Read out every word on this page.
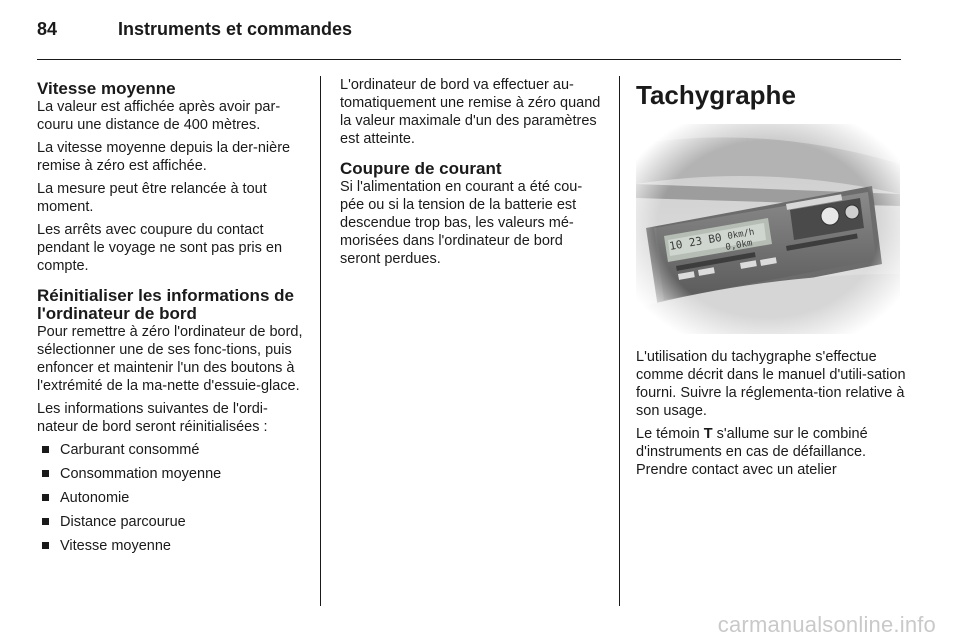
84	Instruments et commandes
Vitesse moyenne

La valeur est affichée après avoir par-couru une distance de 400 mètres.

La vitesse moyenne depuis la der-nière remise à zéro est affichée.

La mesure peut être relancée à tout moment.

Les arrêts avec coupure du contact pendant le voyage ne sont pas pris en compte.

Réinitialiser les informations de l'ordinateur de bord

Pour remettre à zéro l'ordinateur de bord, sélectionner une de ses fonc-tions, puis enfoncer et maintenir l'un des boutons à l'extrémité de la ma-nette d'essuie-glace.

Les informations suivantes de l'ordi-nateur de bord seront réinitialisées :

Carburant consommé
Consommation moyenne
Autonomie
Distance parcourue
Vitesse moyenne

L'ordinateur de bord va effectuer au-tomatiquement une remise à zéro quand la valeur maximale d'un des paramètres est atteinte.

Coupure de courant

Si l'alimentation en courant a été cou-pée ou si la tension de la batterie est descendue trop bas, les valeurs mé-morisées dans l'ordinateur de bord seront perdues.

Tachygraphe

L'utilisation du tachygraphe s'effectue comme décrit dans le manuel d'utili-sation fourni. Suivre la réglementa-tion relative à son usage.

Le témoin T s'allume sur le combiné d'instruments en cas de défaillance. Prendre contact avec un atelier

carmanualsonline.info
